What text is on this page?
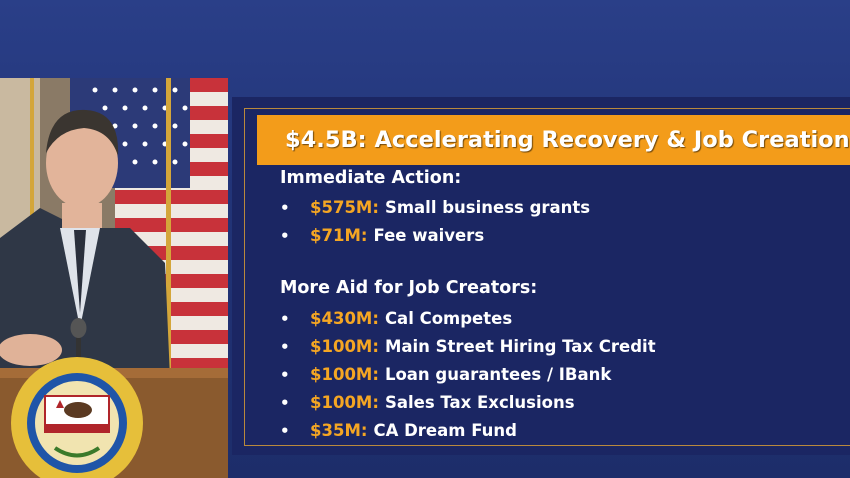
$4.5B: Accelerating Recovery & Job Creation
Immediate Action:
•	$575M: Small business grants
•	$71M: Fee waivers
More Aid for Job Creators:
•	$430M: Cal Competes
•	$100M: Main Street Hiring Tax Credit
•	$100M: Loan guarantees / IBank
•	$100M: Sales Tax Exclusions
•	$35M: CA Dream Fund
